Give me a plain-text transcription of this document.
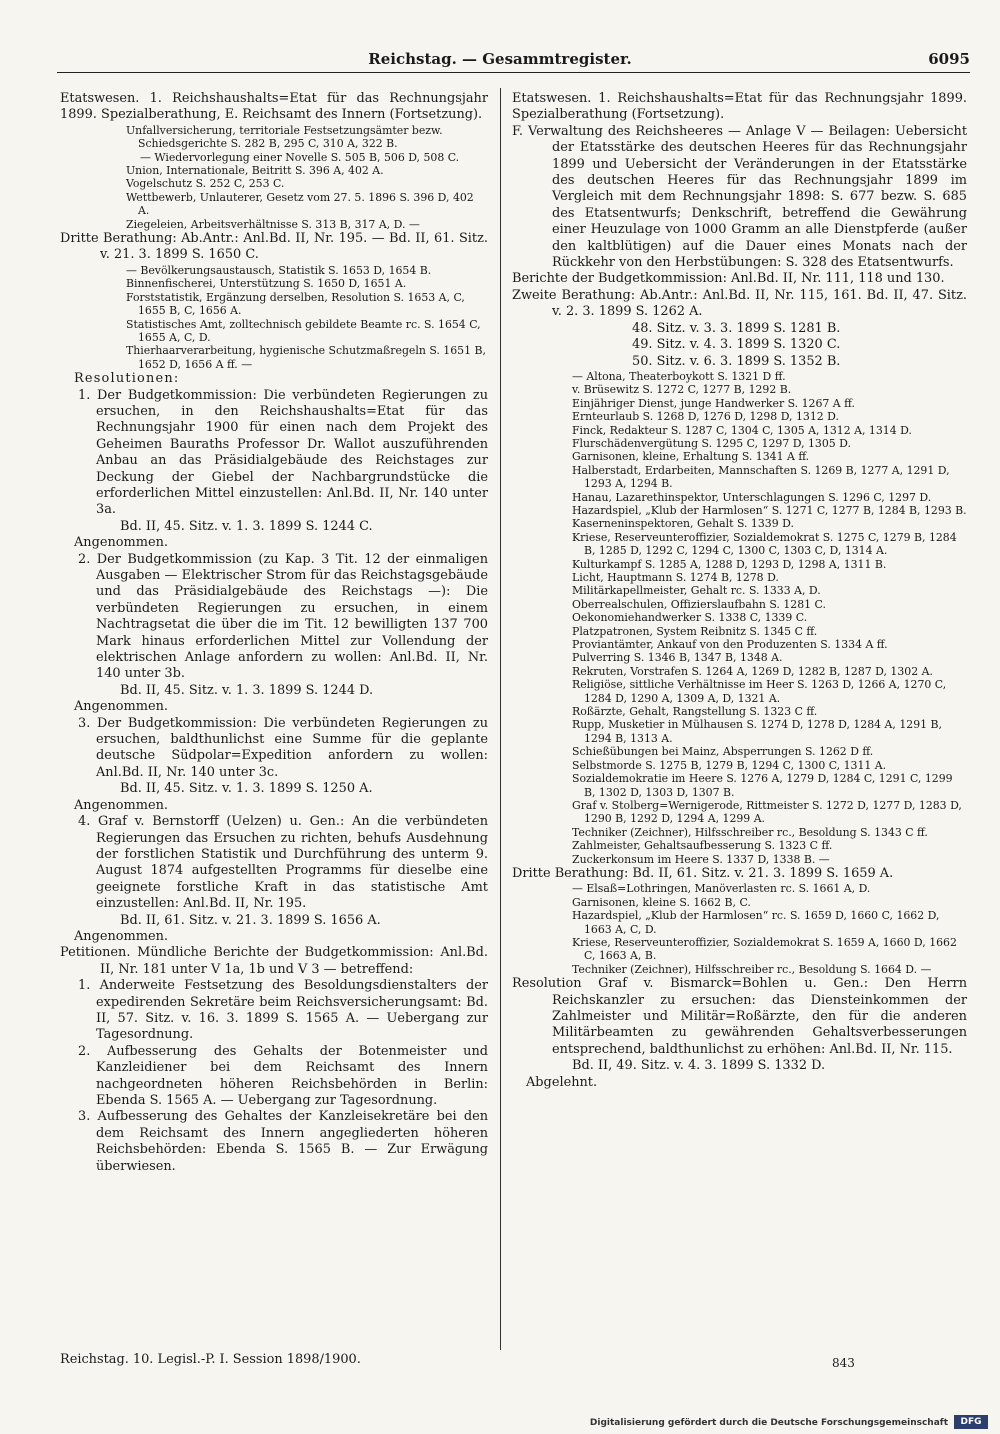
Reichstag. — Gesammtregister.	6095

Etatswesen. 1. Reichshaushalts=Etat für das Rechnungsjahr 1899. Spezialberathung, E. Reichsamt des Innern (Fortsetzung).

Unfallversicherung, territoriale Festsetzungsämter bezw. Schiedsgerichte S. 282 B, 295 C, 310 A, 322 B.

— Wiedervorlegung einer Novelle S. 505 B, 506 D, 508 C.

Union, Internationale, Beitritt S. 396 A, 402 A.

Vogelschutz S. 252 C, 253 C.

Wettbewerb, Unlauterer, Gesetz vom 27. 5. 1896 S. 396 D, 402 A.

Ziegeleien, Arbeitsverhältnisse S. 313 B, 317 A, D. —

Dritte Berathung: Ab.Antr.: Anl.Bd. II, Nr. 195. — Bd. II, 61. Sitz. v. 21. 3. 1899 S. 1650 C.

— Bevölkerungsaustausch, Statistik S. 1653 D, 1654 B.

Binnenfischerei, Unterstützung S. 1650 D, 1651 A.

Forststatistik, Ergänzung derselben, Resolution S. 1653 A, C, 1655 B, C, 1656 A.

Statistisches Amt, zolltechnisch gebildete Beamte rc. S. 1654 C, 1655 A, C, D.

Thierhaarverarbeitung, hygienische Schutzmaßregeln S. 1651 B, 1652 D, 1656 A ff. —

Resolutionen:

1. Der Budgetkommission: Die verbündeten Regierungen zu ersuchen, in den Reichshaushalts=Etat für das Rechnungsjahr 1900 für einen nach dem Projekt des Geheimen Bauraths Professor Dr. Wallot auszuführenden Anbau an das Präsidialgebäude des Reichstages zur Deckung der Giebel der Nachbargrundstücke die erforderlichen Mittel einzustellen: Anl.Bd. II, Nr. 140 unter 3a.

Bd. II, 45. Sitz. v. 1. 3. 1899 S. 1244 C.

Angenommen.

2. Der Budgetkommission (zu Kap. 3 Tit. 12 der einmaligen Ausgaben — Elektrischer Strom für das Reichstagsgebäude und das Präsidialgebäude des Reichstags —): Die verbündeten Regierungen zu ersuchen, in einem Nachtragsetat die über die im Tit. 12 bewilligten 137 700 Mark hinaus erforderlichen Mittel zur Vollendung der elektrischen Anlage anfordern zu wollen: Anl.Bd. II, Nr. 140 unter 3b.

Bd. II, 45. Sitz. v. 1. 3. 1899 S. 1244 D.

Angenommen.

3. Der Budgetkommission: Die verbündeten Regierungen zu ersuchen, baldthunlichst eine Summe für die geplante deutsche Südpolar=Expedition anfordern zu wollen: Anl.Bd. II, Nr. 140 unter 3c.

Bd. II, 45. Sitz. v. 1. 3. 1899 S. 1250 A.

Angenommen.

4. Graf v. Bernstorff (Uelzen) u. Gen.: An die verbündeten Regierungen das Ersuchen zu richten, behufs Ausdehnung der forstlichen Statistik und Durchführung des unterm 9. August 1874 aufgestellten Programms für dieselbe eine geeignete forstliche Kraft in das statistische Amt einzustellen: Anl.Bd. II, Nr. 195.

Bd. II, 61. Sitz. v. 21. 3. 1899 S. 1656 A.

Angenommen.

Petitionen. Mündliche Berichte der Budgetkommission: Anl.Bd. II, Nr. 181 unter V 1a, 1b und V 3 — betreffend:

1. Anderweite Festsetzung des Besoldungsdienstalters der expedirenden Sekretäre beim Reichsversicherungsamt: Bd. II, 57. Sitz. v. 16. 3. 1899 S. 1565 A. — Uebergang zur Tagesordnung.

2. Aufbesserung des Gehalts der Botenmeister und Kanzleidiener bei dem Reichsamt des Innern nachgeordneten höheren Reichsbehörden in Berlin: Ebenda S. 1565 A. — Uebergang zur Tagesordnung.

3. Aufbesserung des Gehaltes der Kanzleisekretäre bei den dem Reichsamt des Innern angegliederten höheren Reichsbehörden: Ebenda S. 1565 B. — Zur Erwägung überwiesen.

Etatswesen. 1. Reichshaushalts=Etat für das Rechnungsjahr 1899. Spezialberathung (Fortsetzung).

F. Verwaltung des Reichsheeres — Anlage V — Beilagen: Uebersicht der Etatsstärke des deutschen Heeres für das Rechnungsjahr 1899 und Uebersicht der Veränderungen in der Etatsstärke des deutschen Heeres für das Rechnungsjahr 1899 im Vergleich mit dem Rechnungsjahr 1898: S. 677 bezw. S. 685 des Etatsentwurfs; Denkschrift, betreffend die Gewährung einer Heuzulage von 1000 Gramm an alle Dienstpferde (außer den kaltblütigen) auf die Dauer eines Monats nach der Rückkehr von den Herbstübungen: S. 328 des Etatsentwurfs.

Berichte der Budgetkommission: Anl.Bd. II, Nr. 111, 118 und 130.

Zweite Berathung: Ab.Antr.: Anl.Bd. II, Nr. 115, 161. Bd. II, 47. Sitz. v. 2. 3. 1899 S. 1262 A.

48. Sitz. v. 3. 3. 1899 S. 1281 B.

49. Sitz. v. 4. 3. 1899 S. 1320 C.

50. Sitz. v. 6. 3. 1899 S. 1352 B.

— Altona, Theaterboykott S. 1321 D ff.

v. Brüsewitz S. 1272 C, 1277 B, 1292 B.

Einjähriger Dienst, junge Handwerker S. 1267 A ff.

Ernteurlaub S. 1268 D, 1276 D, 1298 D, 1312 D.

Finck, Redakteur S. 1287 C, 1304 C, 1305 A, 1312 A, 1314 D.

Flurschädenvergütung S. 1295 C, 1297 D, 1305 D.

Garnisonen, kleine, Erhaltung S. 1341 A ff.

Halberstadt, Erdarbeiten, Mannschaften S. 1269 B, 1277 A, 1291 D, 1293 A, 1294 B.

Hanau, Lazarethinspektor, Unterschlagungen S. 1296 C, 1297 D.

Hazardspiel, „Klub der Harmlosen“ S. 1271 C, 1277 B, 1284 B, 1293 B.

Kaserneninspektoren, Gehalt S. 1339 D.

Kriese, Reserveunteroffizier, Sozialdemokrat S. 1275 C, 1279 B, 1284 B, 1285 D, 1292 C, 1294 C, 1300 C, 1303 C, D, 1314 A.

Kulturkampf S. 1285 A, 1288 D, 1293 D, 1298 A, 1311 B.

Licht, Hauptmann S. 1274 B, 1278 D.

Militärkapellmeister, Gehalt rc. S. 1333 A, D.

Oberrealschulen, Offizierslaufbahn S. 1281 C.

Oekonomiehandwerker S. 1338 C, 1339 C.

Platzpatronen, System Reibnitz S. 1345 C ff.

Proviantämter, Ankauf von den Produzenten S. 1334 A ff.

Pulverring S. 1346 B, 1347 B, 1348 A.

Rekruten, Vorstrafen S. 1264 A, 1269 D, 1282 B, 1287 D, 1302 A.

Religiöse, sittliche Verhältnisse im Heer S. 1263 D, 1266 A, 1270 C, 1284 D, 1290 A, 1309 A, D, 1321 A.

Roßärzte, Gehalt, Rangstellung S. 1323 C ff.

Rupp, Musketier in Mülhausen S. 1274 D, 1278 D, 1284 A, 1291 B, 1294 B, 1313 A.

Schießübungen bei Mainz, Absperrungen S. 1262 D ff.

Selbstmorde S. 1275 B, 1279 B, 1294 C, 1300 C, 1311 A.

Sozialdemokratie im Heere S. 1276 A, 1279 D, 1284 C, 1291 C, 1299 B, 1302 D, 1303 D, 1307 B.

Graf v. Stolberg=Wernigerode, Rittmeister S. 1272 D, 1277 D, 1283 D, 1290 B, 1292 D, 1294 A, 1299 A.

Techniker (Zeichner), Hilfsschreiber rc., Besoldung S. 1343 C ff.

Zahlmeister, Gehaltsaufbesserung S. 1323 C ff.

Zuckerkonsum im Heere S. 1337 D, 1338 B. —

Dritte Berathung: Bd. II, 61. Sitz. v. 21. 3. 1899 S. 1659 A.

— Elsaß=Lothringen, Manöverlasten rc. S. 1661 A, D.

Garnisonen, kleine S. 1662 B, C.

Hazardspiel, „Klub der Harmlosen“ rc. S. 1659 D, 1660 C, 1662 D, 1663 A, C, D.

Kriese, Reserveunteroffizier, Sozialdemokrat S. 1659 A, 1660 D, 1662 C, 1663 A, B.

Techniker (Zeichner), Hilfsschreiber rc., Besoldung S. 1664 D. —

Resolution Graf v. Bismarck=Bohlen u. Gen.: Den Herrn Reichskanzler zu ersuchen: das Diensteinkommen der Zahlmeister und Militär=Roßärzte, den für die anderen Militärbeamten zu gewährenden Gehaltsverbesserungen entsprechend, baldthunlichst zu erhöhen: Anl.Bd. II, Nr. 115.

Bd. II, 49. Sitz. v. 4. 3. 1899 S. 1332 D.

Abgelehnt.

Reichstag. 10. Legisl.-P. I. Session 1898/1900.	843
Digitalisierung gefördert durch die Deutsche Forschungsgemeinschaft	DFG
